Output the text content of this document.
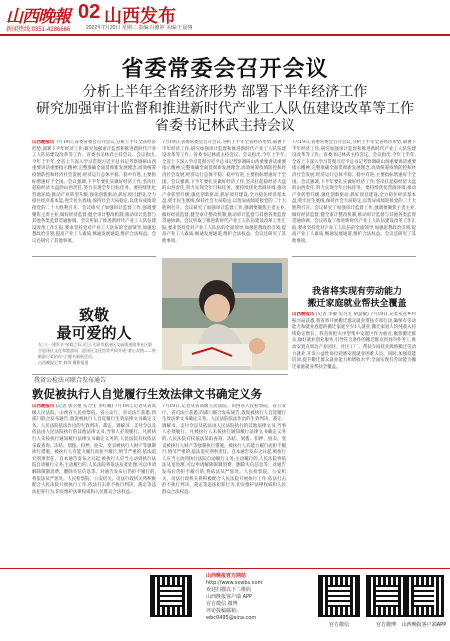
山西晚報 02 山西发布
新闻热线:0351-4286666	2022年7月20日 星期三 责编:冯雅婷 美编:王晨翔
省委常委会召开会议
分析上半年全省经济形势 部署下半年经济工作
研究加强审计监督和推进新时代产业工人队伍建设改革等工作
省委书记林武主持会议
山西晚报讯 7月19日,省委常委会召开会议,分析上半年全省经济形势,部署下半年经济工作;研究加强审计监督和推进新时代产业工人队伍建设改革等工作。省委书记林武主持会议。会议指出,今年上半年,全省上下深入学习贯彻习近平总书记考察调研山西重要讲话重要指示精神,完整准确全面贯彻新发展理念,高效统筹疫情防控和经济社会发展,经济运行总体平稳、稳中有进,主要指标增速好于全国。会议强调,下半年要扎实做好经济工作,坚决扛起稳经济大盘的山西责任,努力实现全年目标任务。要持续优化营商环境,推动产业转型升级,强化创新驱动,抓好项目建设,全力稳住经济基本盘,兜牢民生底线,保持社会大局稳定,以优异成绩迎接党的二十大胜利召开。会议研究了加强审计监督工作,强调要聚焦主责主业,做好经济监督,健全审计整改机制,推动审计监督与其他各类监督贯通协调。会议听取了推进新时代产业工人队伍建设改革工作汇报,要求坚持党对产业工人队伍的全面领导,加强思想政治引领,提高产业工人素质,畅通发展通道,维护合法权益。会议还研究了其他事项。
7月19日,省委常委会召开会议,分析上半年全省经济形势,部署下半年经济工作;研究加强审计监督和推进新时代产业工人队伍建设改革等工作。省委书记林武主持会议。会议指出,今年上半年,全省上下深入学习贯彻习近平总书记考察调研山西重要讲话重要指示精神,完整准确全面贯彻新发展理念,高效统筹疫情防控和经济社会发展,经济运行总体平稳、稳中有进,主要指标增速好于全国。会议强调,下半年要扎实做好经济工作,坚决扛起稳经济大盘的山西责任,努力实现全年目标任务。要持续优化营商环境,推动产业转型升级,强化创新驱动,抓好项目建设,全力稳住经济基本盘,兜牢民生底线,保持社会大局稳定,以优异成绩迎接党的二十大胜利召开。会议研究了加强审计监督工作,强调要聚焦主责主业,做好经济监督,健全审计整改机制,推动审计监督与其他各类监督贯通协调。会议听取了推进新时代产业工人队伍建设改革工作汇报,要求坚持党对产业工人队伍的全面领导,加强思想政治引领,提高产业工人素质,畅通发展通道,维护合法权益。会议还研究了其他事项。
7月19日,省委常委会召开会议,分析上半年全省经济形势,部署下半年经济工作;研究加强审计监督和推进新时代产业工人队伍建设改革等工作。省委书记林武主持会议。会议指出,今年上半年,全省上下深入学习贯彻习近平总书记考察调研山西重要讲话重要指示精神,完整准确全面贯彻新发展理念,高效统筹疫情防控和经济社会发展,经济运行总体平稳、稳中有进,主要指标增速好于全国。会议强调,下半年要扎实做好经济工作,坚决扛起稳经济大盘的山西责任,努力实现全年目标任务。要持续优化营商环境,推动产业转型升级,强化创新驱动,抓好项目建设,全力稳住经济基本盘,兜牢民生底线,保持社会大局稳定,以优异成绩迎接党的二十大胜利召开。会议研究了加强审计监督工作,强调要聚焦主责主业,做好经济监督,健全审计整改机制,推动审计监督与其他各类监督贯通协调。会议听取了推进新时代产业工人队伍建设改革工作汇报,要求坚持党对产业工人队伍的全面领导,加强思想政治引领,提高产业工人素质,畅通发展通道,维护合法权益。会议还研究了其他事项。
致敬
最可爱的人
在"八一建军节"来临之际,近日,太原市迎泽区文庙街道南华社区联合迎泽区文化和旅游局、迎泽区文化馆等共同开展"童心双拥——致敬最可爱的你"主题书画展活动。
山西晚报记者 林涛 摄影报道
我省将实现有劳动能力
搬迁家庭就业帮扶全覆盖
山西晚报讯 (记者 李静 实习生 胡慧敏) 7月19日,记者从省乡村振兴局获悉,我省将开展搬迁群众就业帮扶专项行动,确保有劳动能力和就业意愿的搬迁家庭至少1人就业,搬迁家庭人均纯收入持续稳定增长。我省将把大中型集中安置区作为重点,聚焦搬迁群众,做好就业创业服务,引导符合条件的搬迁群众到县内外务工,推动安置点周边产业园区、社区工厂、帮扶车间优先吸纳搬迁劳动力就业,开发公益性岗位兜底安置就业困难人员。同时,加强技能培训,提升搬迁群众就业能力和增收水平,全面实现有劳动能力搬迁家庭就业帮扶全覆盖。
我省公检法司联合发布通告
敦促被执行人自觉履行生效法律文书确定义务
山西晚报讯 (记者 郭卫艳 实习生 李红曦) 7月19日,记者从省高级人民法院、山西省人民检察院、省公安厅、省司法厅获悉,四部门联合发布通告,敦促被执行人自觉履行生效法律文书确定义务。人民法院依法作出的生效判决、裁定、调解书、支付令以及依法由人民法院执行的其他法律文书,当事人必须履行。凡被执行人未按执行通知履行法律文书确定义务的,人民法院有权依法采取查询、冻结、划拨、扣押、拍卖、变卖被执行人财产等强制执行措施。被执行人有能力履行而拒不履行,情节严重的,依法追究刑事责任。自本通告发布之日起,被执行人应当主动到执行法院自动履行义务;主动履行的,人民法院将依法从宽处理,可以申请解除限制消费、删除失信信息等。对通告发布后仍拒不履行的,将依法从严惩处。人民检察院、公安机关、司法行政机关将积极配合人民法院开展执行工作,依法打击拒不执行判决、裁定等违法犯罪行为,切实维护法律权威和人民群众合法权益。
7月19日,记者从省高级人民法院、山西省人民检察院、省公安厅、省司法厅获悉,四部门联合发布通告,敦促被执行人自觉履行生效法律文书确定义务。人民法院依法作出的生效判决、裁定、调解书、支付令以及依法由人民法院执行的其他法律文书,当事人必须履行。凡被执行人未按执行通知履行法律文书确定义务的,人民法院有权依法采取查询、冻结、划拨、扣押、拍卖、变卖被执行人财产等强制执行措施。被执行人有能力履行而拒不履行,情节严重的,依法追究刑事责任。自本通告发布之日起,被执行人应当主动到执行法院自动履行义务;主动履行的,人民法院将依法从宽处理,可以申请解除限制消费、删除失信信息等。对通告发布后仍拒不履行的,将依法从严惩处。人民检察院、公安机关、司法行政机关将积极配合人民法院开展执行工作,依法打击拒不执行判决、裁定等违法犯罪行为,切实维护法律权威和人民群众合法权益。
山西晚报官方网站
http://www.sxwbs.com
欢迎扫描以下二维码
山西晚报客户端 APP
官方微信 微博
评论投稿邮箱:
wbc0495@sina.com
官方微信	官方微博	山西晚报客户端APP
